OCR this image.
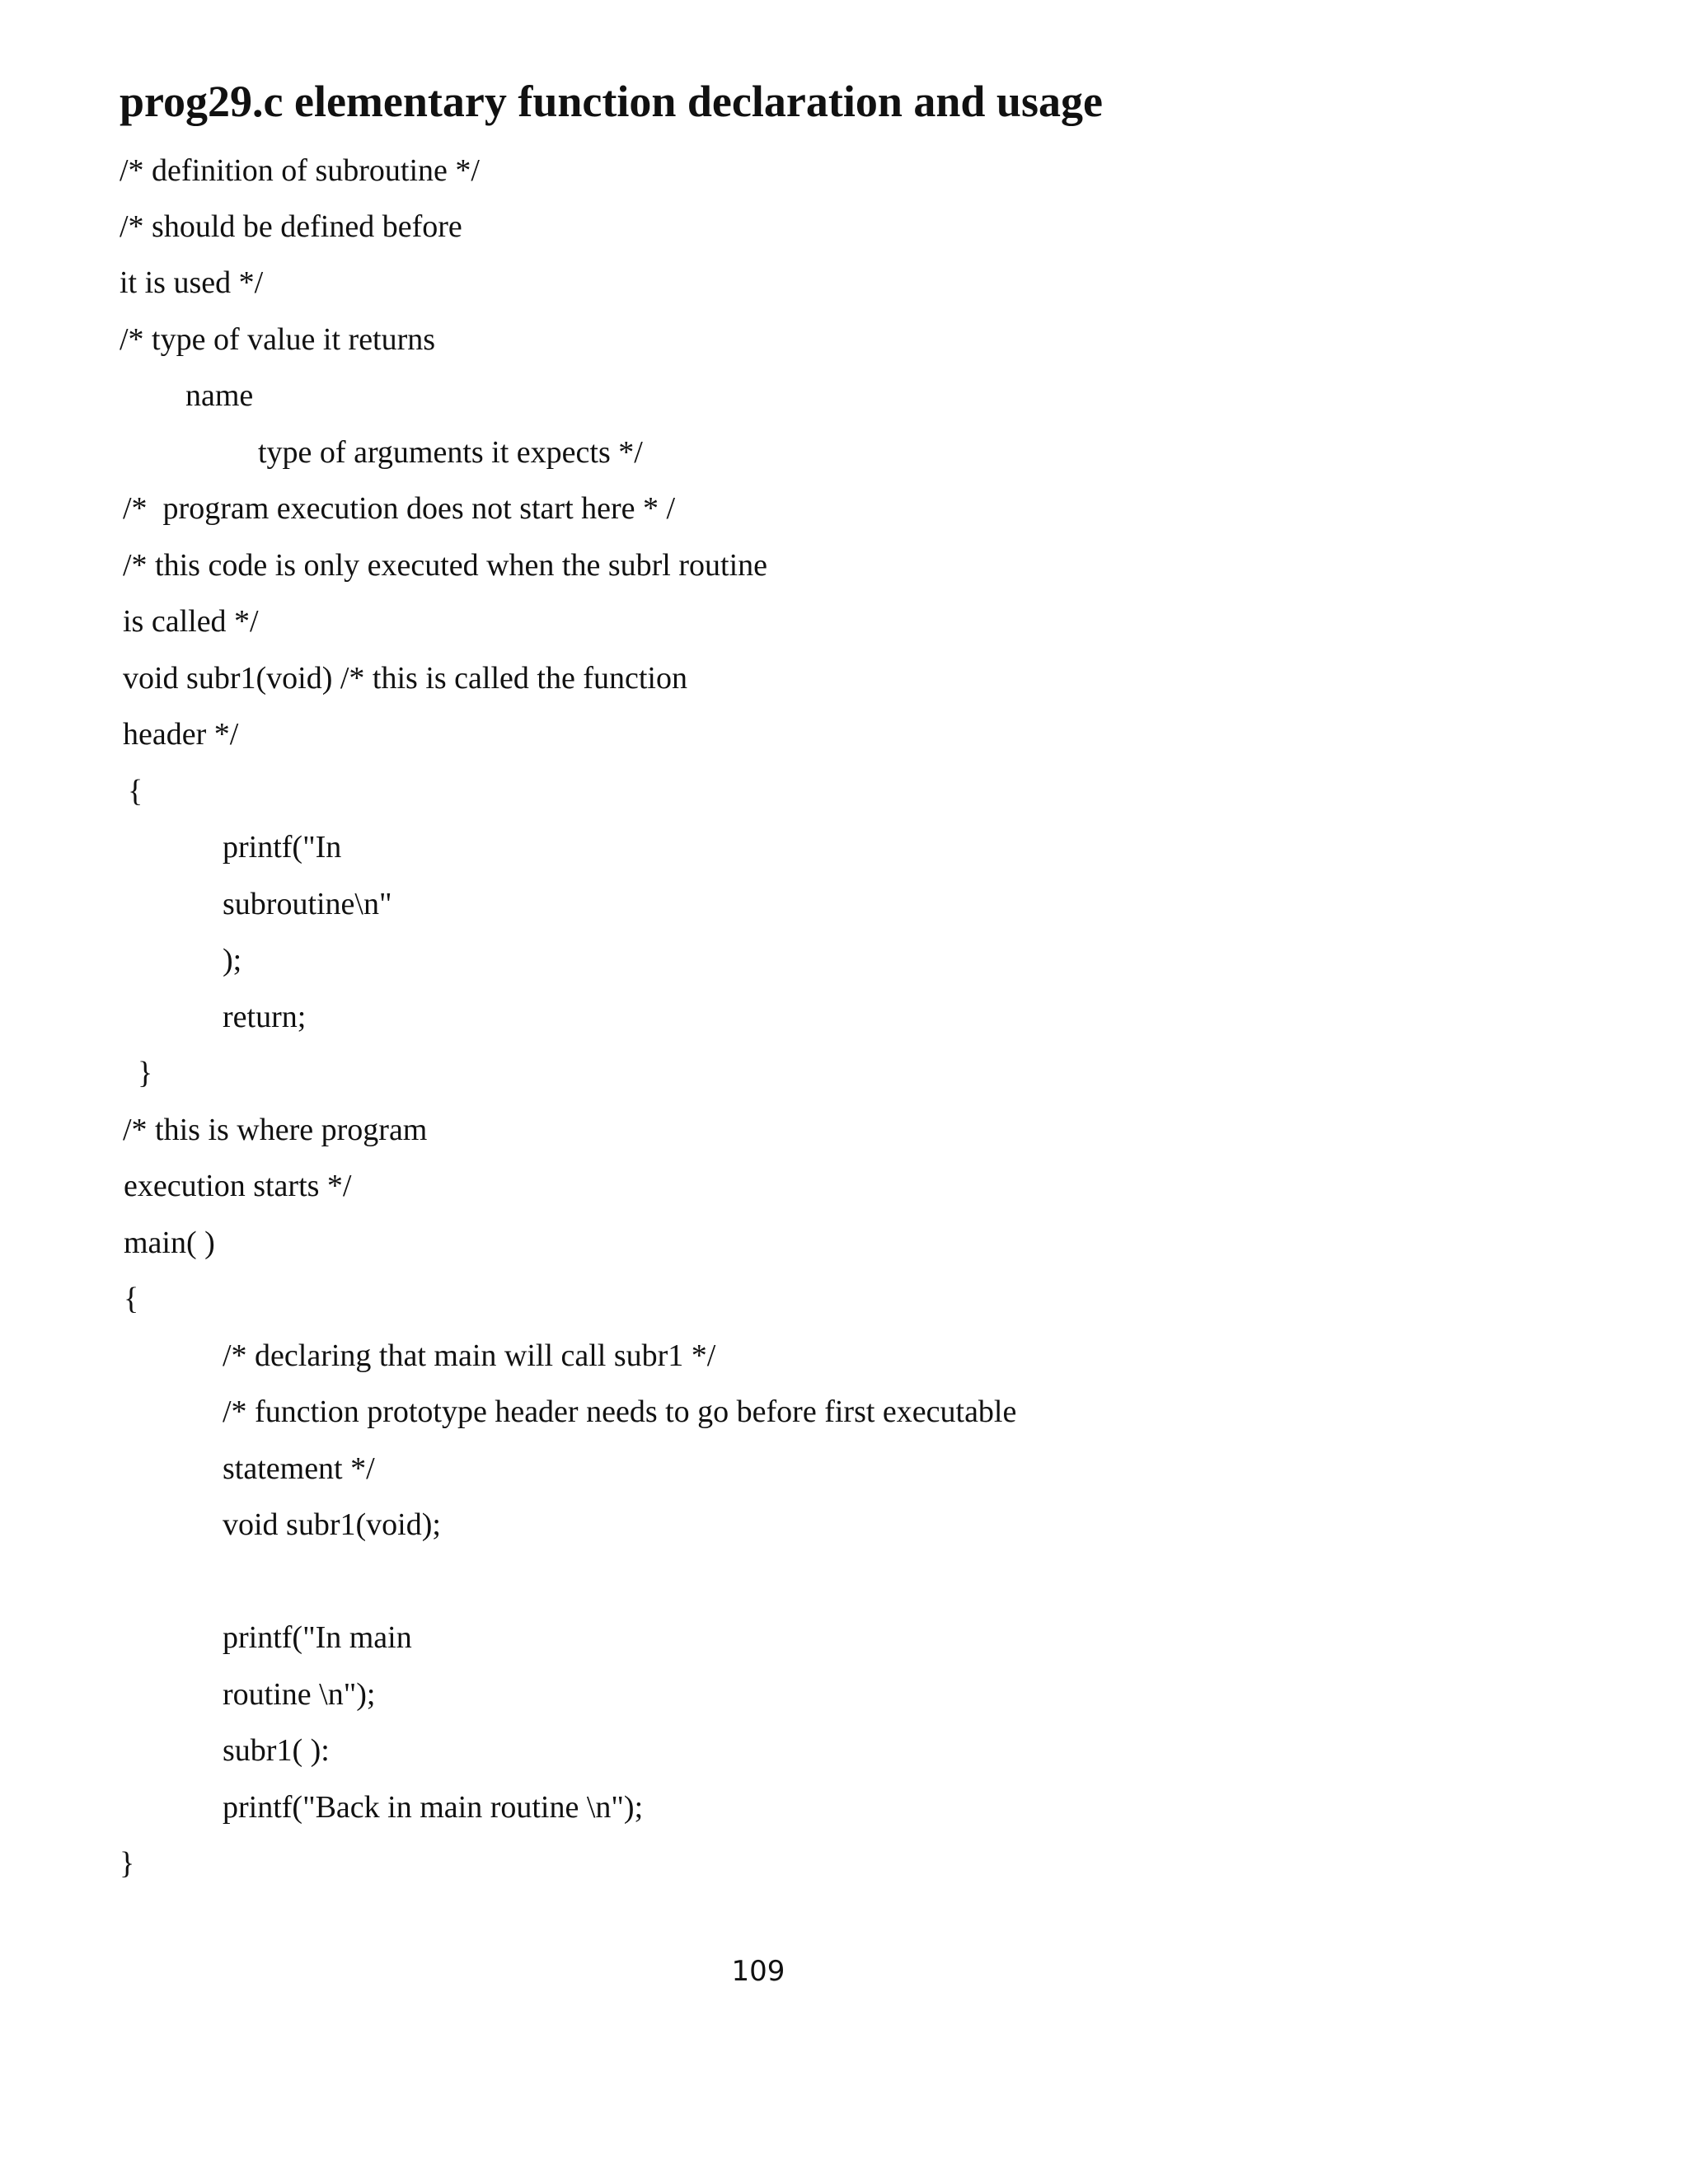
prog29.c elementary function declaration and usage
/* definition of subroutine */
/* should be defined before
it is used */
/* type of value it returns
name
type of arguments it expects */
/*  program execution does not start here * /
/* this code is only executed when the subrl routine
is called */
void subr1(void) /* this is called the function
header */
{
printf("In
subroutine\n"
);
return;
}
/* this is where program
execution starts */
main( )
{
/* declaring that main will call subr1 */
/* function prototype header needs to go before first executable
statement */
void subr1(void);
printf("In main
routine \n");
subr1( ):
printf("Back in main routine \n");
}
109
